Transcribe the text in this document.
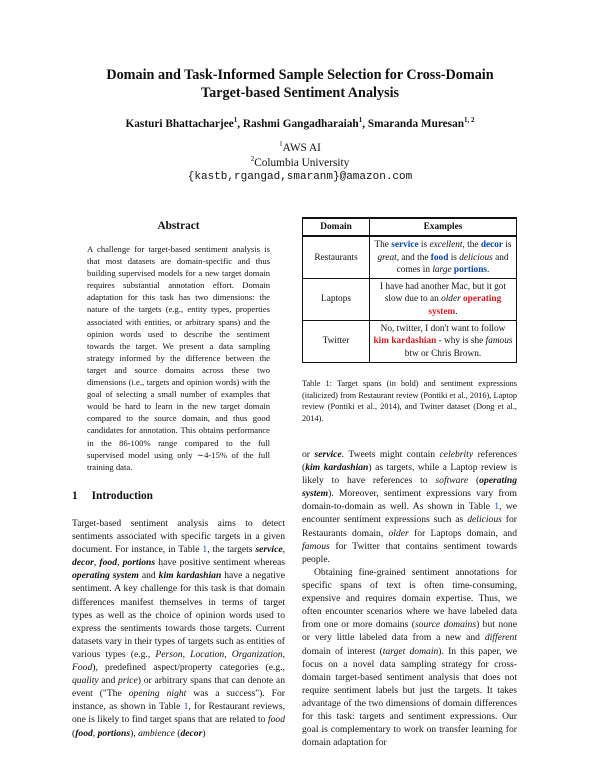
Domain and Task-Informed Sample Selection for Cross-Domain
Target-based Sentiment Analysis
Kasturi Bhattacharjee$^1$, Rashmi Gangadharaiah$^1$, Smaranda Muresan$^{1, 2}$
$^1$AWS AI
$^2$Columbia University
{kastb,rgangad,smaranm}@amazon.com
Abstract
A challenge for target-based sentiment analysis is that most datasets are domain-specific and thus building supervised models for a new target domain requires substantial annotation effort. Domain adaptation for this task has two dimensions: the nature of the targets (e.g., entity types, properties associated with entities, or arbitrary spans) and the opinion words used to describe the sentiment towards the target. We present a data sampling strategy informed by the difference between the target and source domains across these two dimensions (i.e., targets and opinion words) with the goal of selecting a small number of examples that would be hard to learn in the new target domain compared to the source domain, and thus good candidates for annotation. This obtains performance in the 86-100% range compared to the full supervised model using only ∼4-15% of the full training data.
1 Introduction
Target-based sentiment analysis aims to detect sentiments associated with specific targets in a given document. For instance, in Table 1, the targets service, decor, food, portions have positive sentiment whereas operating system and kim kardashian have a negative sentiment. A key challenge for this task is that domain differences manifest themselves in terms of target types as well as the choice of opinion words used to express the sentiments towards those targets. Current datasets vary in their types of targets such as entities of various types (e.g., Person, Location, Organization, Food), predefined aspect/property categories (e.g., quality and price) or arbitrary spans that can denote an event ("The opening night was a success"). For instance, as shown in Table 1, for Restaurant reviews, one is likely to find target spans that are related to food (food, portions), ambience (decor)
Domain	Examples
Restaurants	The service is excellent, the decor is great, and the food is delicious and comes in large portions.
Laptops	I have had another Mac, but it got slow due to an older operating system.
Twitter	No, twitter, I don't want to follow kim kardashian - why is she famous btw or Chris Brown.
Table 1: Target spans (in bold) and sentiment expressions (italicized) from Restaurant review (Pontiki et al., 2016), Laptop review (Pontiki et al., 2014), and Twitter dataset (Dong et al., 2014).
or service. Tweets might contain celebrity references (kim kardashian) as targets, while a Laptop review is likely to have references to software (operating system). Moreover, sentiment expressions vary from domain-to-domain as well. As shown in Table 1, we encounter sentiment expressions such as delicious for Restaurants domain, older for Laptops domain, and famous for Twitter that contains sentiment towards people.
Obtaining fine-grained sentiment annotations for specific spans of text is often time-consuming, expensive and requires domain expertise. Thus, we often encounter scenarios where we have labeled data from one or more domains (source domains) but none or very little labeled data from a new and different domain of interest (target domain). In this paper, we focus on a novel data sampling strategy for cross-domain target-based sentiment analysis that does not require sentiment labels but just the targets. It takes advantage of the two dimensions of domain differences for this task: targets and sentiment expressions. Our goal is complementary to work on transfer learning for domain adaptation for
